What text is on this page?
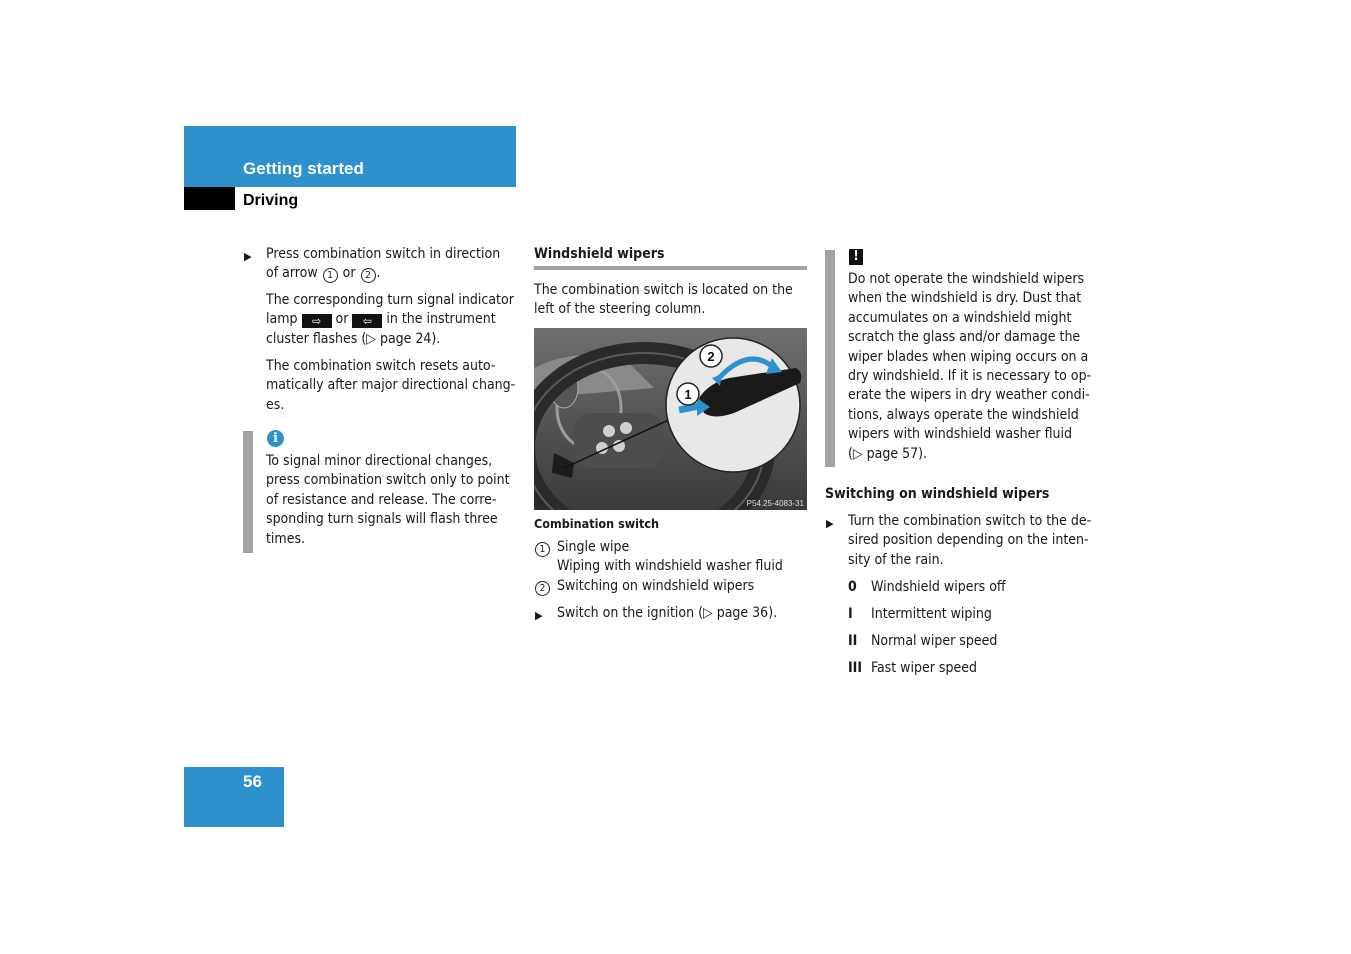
Getting started
Driving
▶ Press combination switch in direction
of arrow 1 or 2 .
The corresponding turn signal indicator
lamp ⇨ or ⇦ in the instrument
cluster flashes (▷ page 24).
The combination switch resets auto-
matically after major directional chang-
es.
i
To signal minor directional changes,
press combination switch only to point
of resistance and release. The corre-
sponding turn signals will flash three
times.
Windshield wipers
The combination switch is located on the
left of the steering column.
2
1
P54.25-4083-31
Combination switch
1 Single wipe
Wiping with windshield washer fluid
2 Switching on windshield wipers
▶ Switch on the ignition (▷ page 36).
!
Do not operate the windshield wipers
when the windshield is dry. Dust that
accumulates on a windshield might
scratch the glass and/or damage the
wiper blades when wiping occurs on a
dry windshield. If it is necessary to op-
erate the wipers in dry weather condi-
tions, always operate the windshield
wipers with windshield washer fluid
(▷ page 57).
Switching on windshield wipers
▶ Turn the combination switch to the de-
sired position depending on the inten-
sity of the rain.
0 Windshield wipers off
I Intermittent wiping
II Normal wiper speed
III Fast wiper speed
56
